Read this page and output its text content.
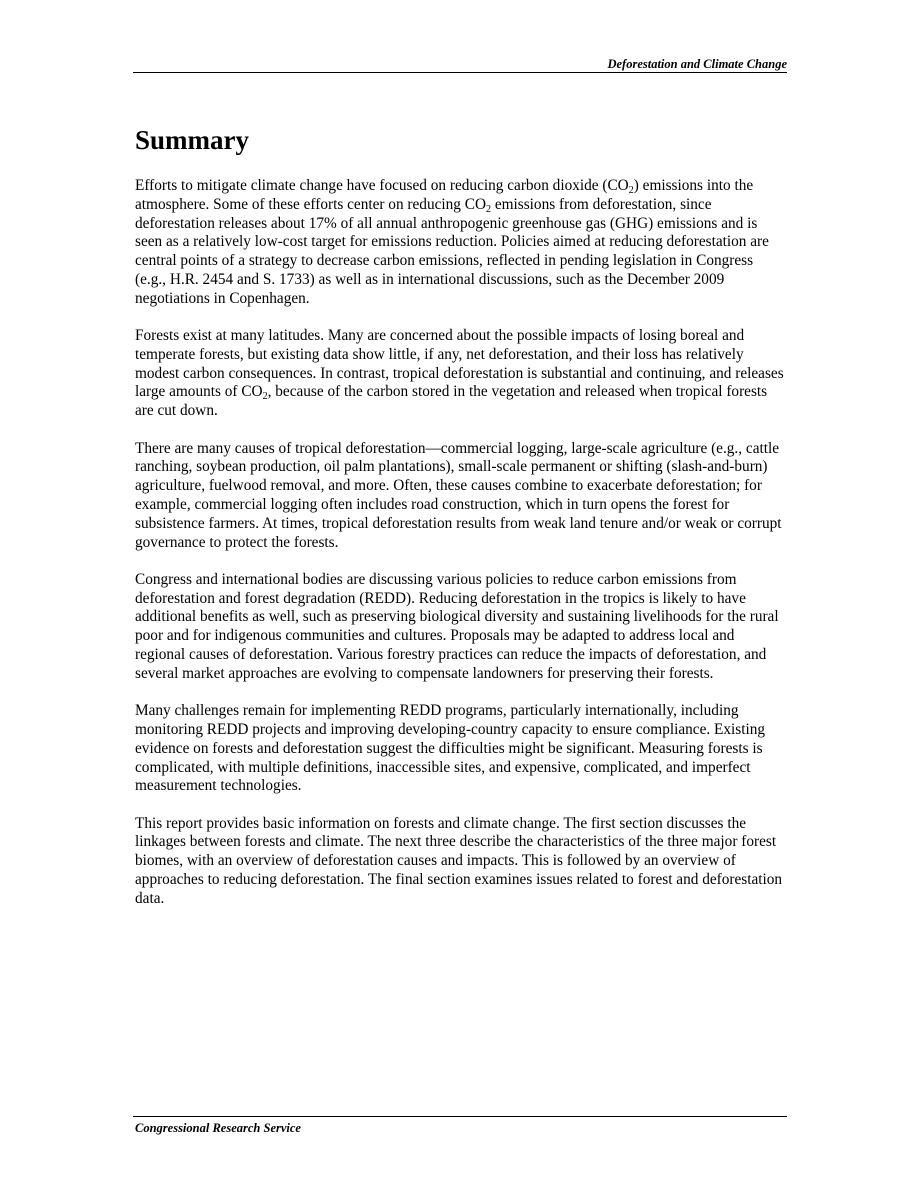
Deforestation and Climate Change
Summary

Efforts to mitigate climate change have focused on reducing carbon dioxide $(CO_2)$ emissions into the atmosphere. Some of these efforts center on reducing $CO_2$ emissions from deforestation, since deforestation releases about 17% of all annual anthropogenic greenhouse gas (GHG) emissions and is seen as a relatively low-cost target for emissions reduction. Policies aimed at reducing deforestation are central points of a strategy to decrease carbon emissions, reflected in pending legislation in Congress (e.g., H.R. 2454 and S. 1733) as well as in international discussions, such as the December 2009 negotiations in Copenhagen.

Forests exist at many latitudes. Many are concerned about the possible impacts of losing boreal and temperate forests, but existing data show little, if any, net deforestation, and their loss has relatively modest carbon consequences. In contrast, tropical deforestation is substantial and continuing, and releases large amounts of $CO_2$, because of the carbon stored in the vegetation and released when tropical forests are cut down.

There are many causes of tropical deforestation—commercial logging, large-scale agriculture (e.g., cattle ranching, soybean production, oil palm plantations), small-scale permanent or shifting (slash-and-burn) agriculture, fuelwood removal, and more. Often, these causes combine to exacerbate deforestation; for example, commercial logging often includes road construction, which in turn opens the forest for subsistence farmers. At times, tropical deforestation results from weak land tenure and/or weak or corrupt governance to protect the forests.

Congress and international bodies are discussing various policies to reduce carbon emissions from deforestation and forest degradation (REDD). Reducing deforestation in the tropics is likely to have additional benefits as well, such as preserving biological diversity and sustaining livelihoods for the rural poor and for indigenous communities and cultures. Proposals may be adapted to address local and regional causes of deforestation. Various forestry practices can reduce the impacts of deforestation, and several market approaches are evolving to compensate landowners for preserving their forests.

Many challenges remain for implementing REDD programs, particularly internationally, including monitoring REDD projects and improving developing-country capacity to ensure compliance. Existing evidence on forests and deforestation suggest the difficulties might be significant. Measuring forests is complicated, with multiple definitions, inaccessible sites, and expensive, complicated, and imperfect measurement technologies.

This report provides basic information on forests and climate change. The first section discusses the linkages between forests and climate. The next three describe the characteristics of the three major forest biomes, with an overview of deforestation causes and impacts. This is followed by an overview of approaches to reducing deforestation. The final section examines issues related to forest and deforestation data.

Congressional Research Service
